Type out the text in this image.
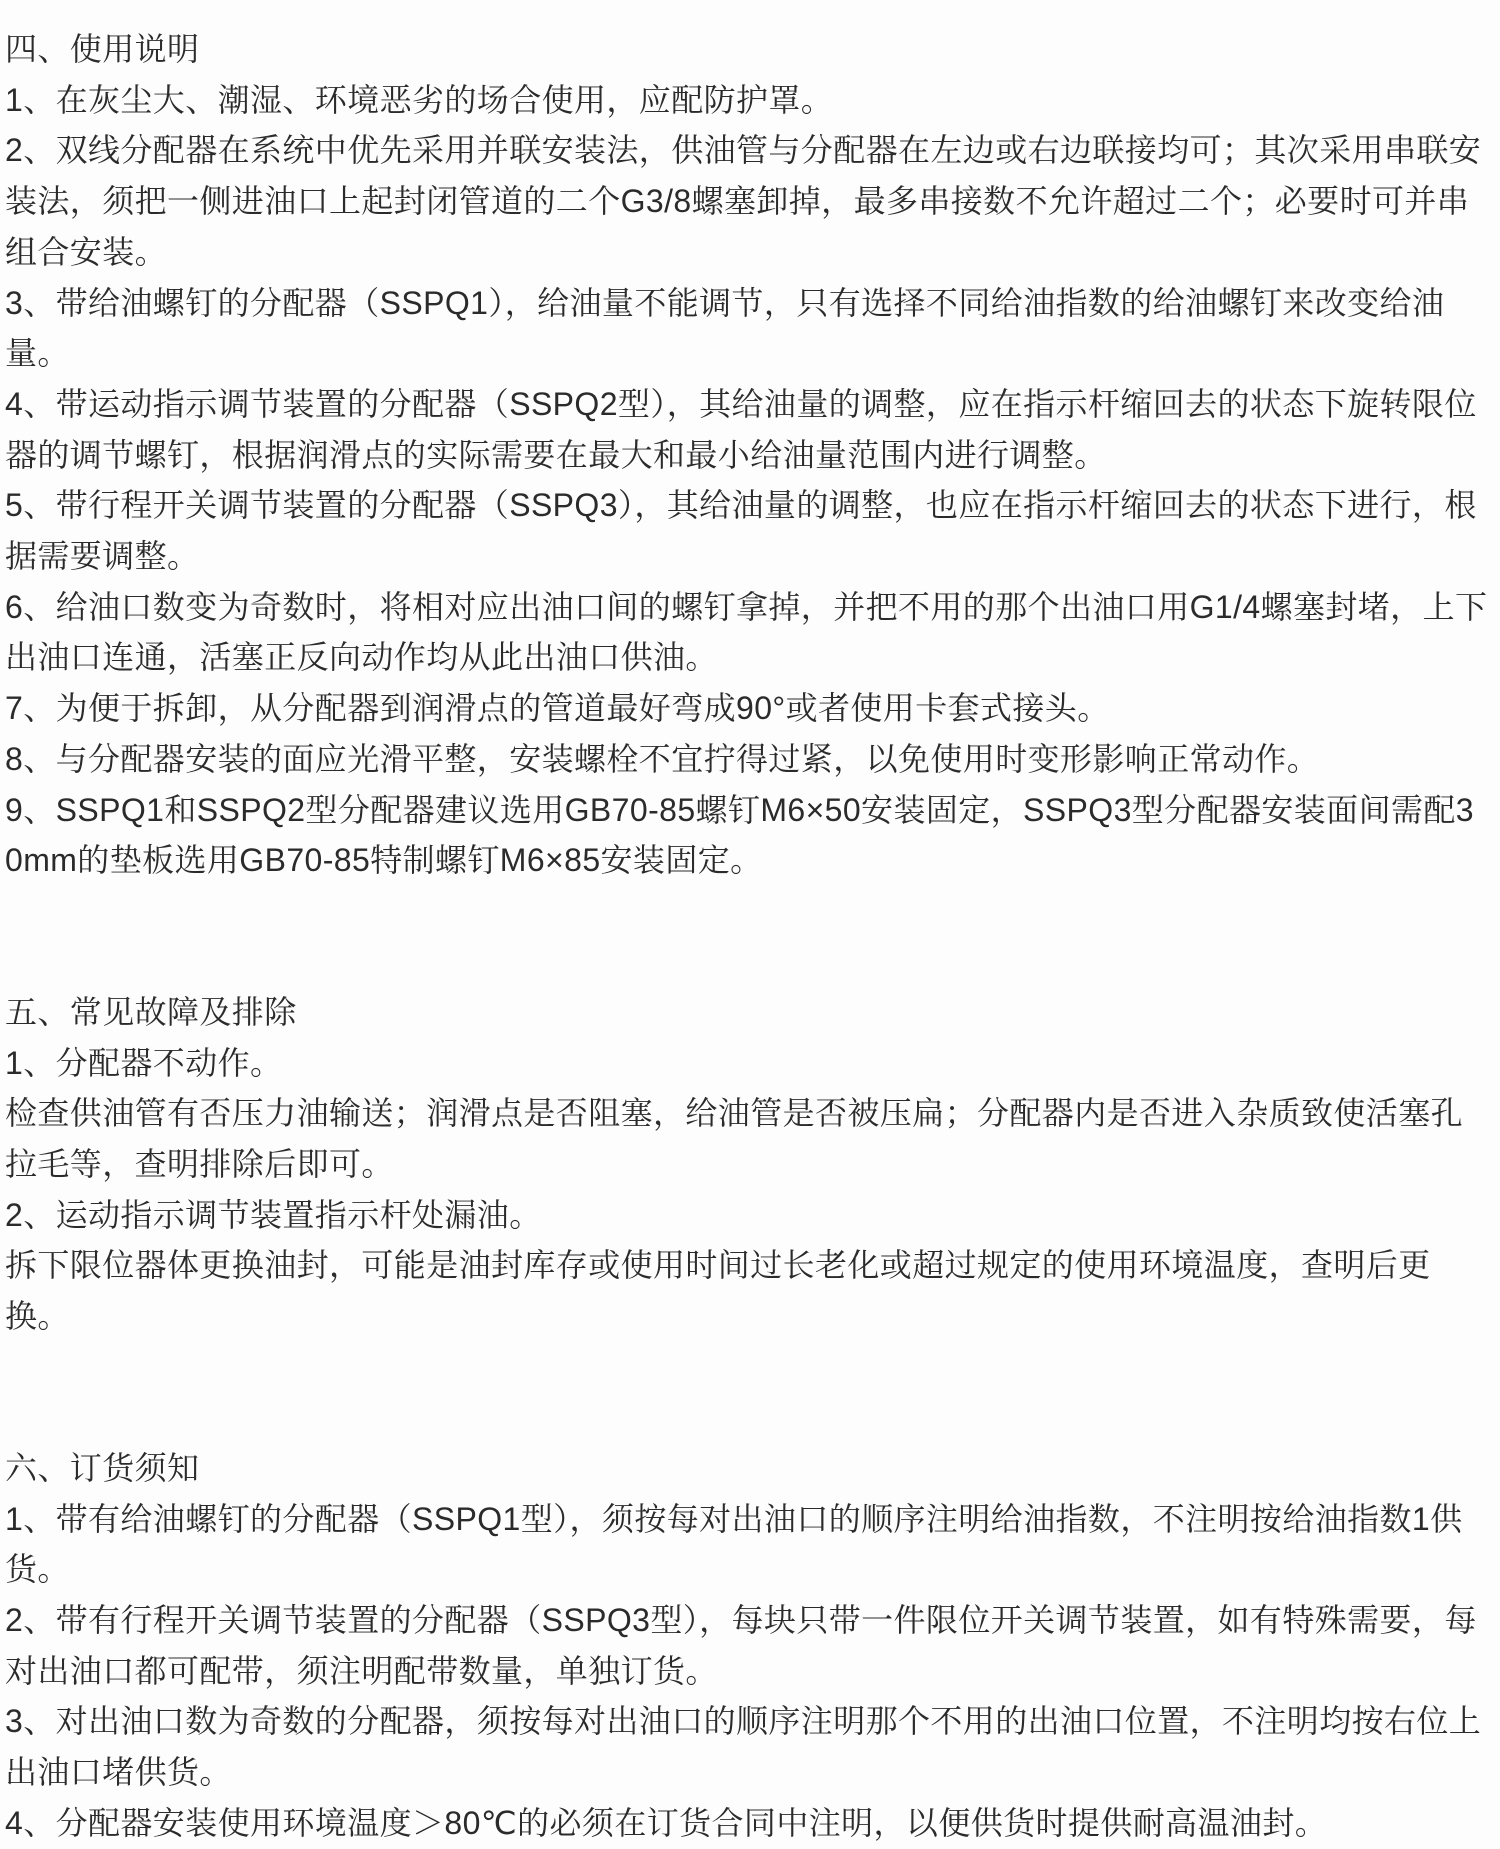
四、使用说明

1、在灰尘大、潮湿、环境恶劣的场合使用，应配防护罩。

2、双线分配器在系统中优先采用并联安装法，供油管与分配器在左边或右边联接均可；其次采用串联安装法，须把一侧进油口上起封闭管道的二个G3/8螺塞卸掉，最多串接数不允许超过二个；必要时可并串组合安装。

3、带给油螺钉的分配器（SSPQ1），给油量不能调节，只有选择不同给油指数的给油螺钉来改变给油量。

4、带运动指示调节装置的分配器（SSPQ2型），其给油量的调整，应在指示杆缩回去的状态下旋转限位器的调节螺钉，根据润滑点的实际需要在最大和最小给油量范围内进行调整。

5、带行程开关调节装置的分配器（SSPQ3），其给油量的调整，也应在指示杆缩回去的状态下进行，根据需要调整。

6、给油口数变为奇数时，将相对应出油口间的螺钉拿掉，并把不用的那个出油口用G1/4螺塞封堵，上下出油口连通，活塞正反向动作均从此出油口供油。

7、为便于拆卸，从分配器到润滑点的管道最好弯成90°或者使用卡套式接头。

8、与分配器安装的面应光滑平整，安装螺栓不宜拧得过紧，以免使用时变形影响正常动作。

9、SSPQ1和SSPQ2型分配器建议选用GB70-85螺钉M6×50安装固定，SSPQ3型分配器安装面间需配30mm的垫板选用GB70-85特制螺钉M6×85安装固定。

五、常见故障及排除

1、分配器不动作。

检查供油管有否压力油输送；润滑点是否阻塞，给油管是否被压扁；分配器内是否进入杂质致使活塞孔拉毛等，查明排除后即可。

2、运动指示调节装置指示杆处漏油。

拆下限位器体更换油封，可能是油封库存或使用时间过长老化或超过规定的使用环境温度，查明后更换。

六、订货须知

1、带有给油螺钉的分配器（SSPQ1型），须按每对出油口的顺序注明给油指数，不注明按给油指数1供货。

2、带有行程开关调节装置的分配器（SSPQ3型），每块只带一件限位开关调节装置，如有特殊需要，每对出油口都可配带，须注明配带数量，单独订货。

3、对出油口数为奇数的分配器，须按每对出油口的顺序注明那个不用的出油口位置，不注明均按右位上出油口堵供货。

4、分配器安装使用环境温度＞80℃的必须在订货合同中注明，以便供货时提供耐高温油封。
